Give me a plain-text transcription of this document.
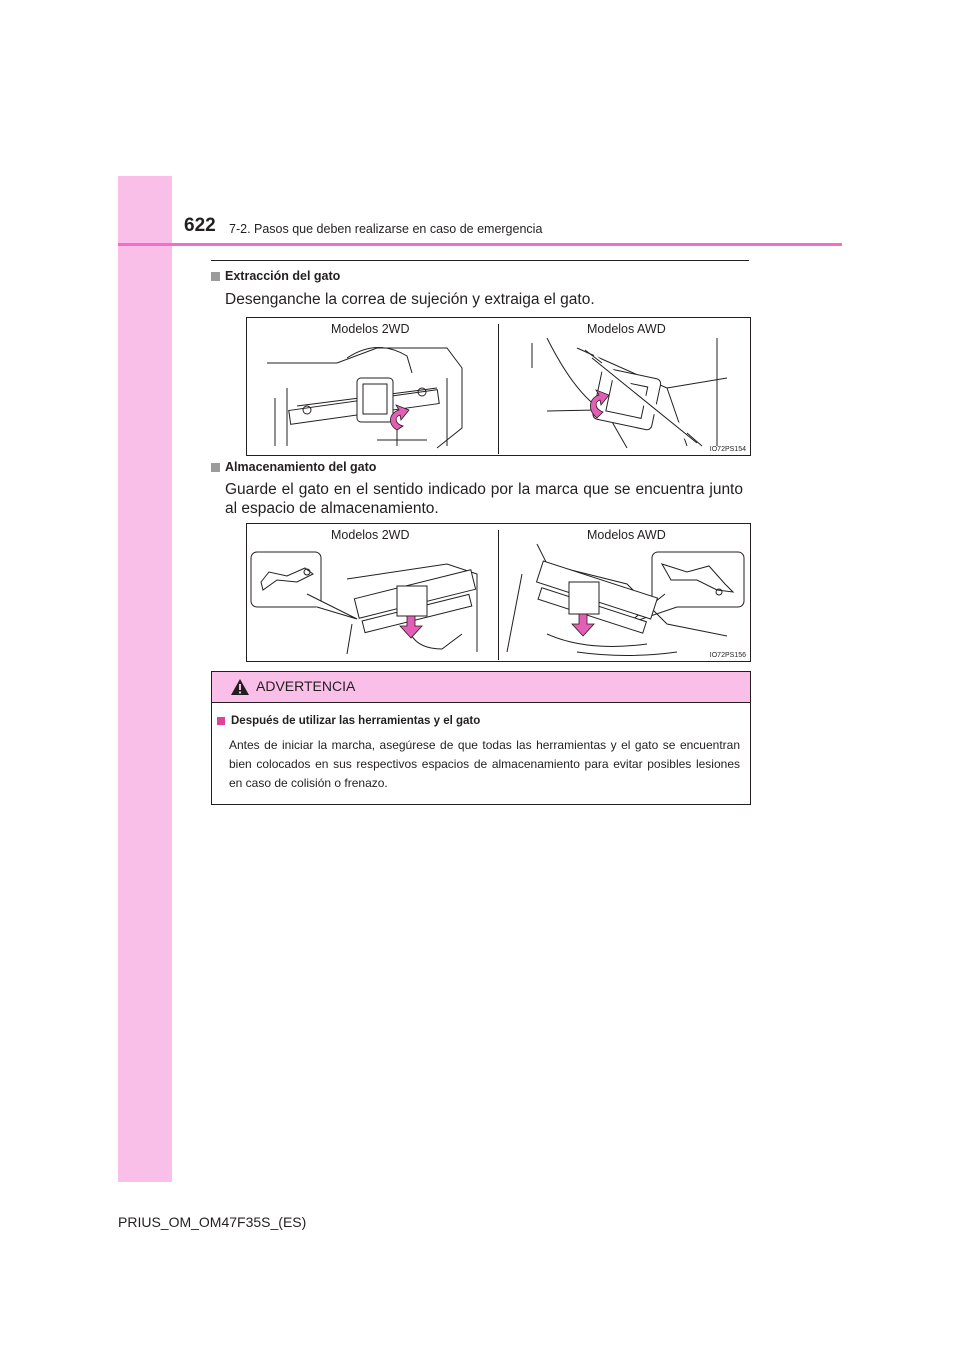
622 7-2. Pasos que deben realizarse en caso de emergencia
Extracción del gato
Desenganche la correa de sujeción y extraiga el gato.
Modelos 2WD	Modelos AWD
IO72PS154
Almacenamiento del gato
Guarde el gato en el sentido indicado por la marca que se encuentra junto al espacio de almacenamiento.
Modelos 2WD	Modelos AWD
IO72PS156
ADVERTENCIA
Después de utilizar las herramientas y el gato
Antes de iniciar la marcha, asegúrese de que todas las herramientas y el gato se encuentran bien colocados en sus respectivos espacios de almacenamiento para evitar posibles lesiones en caso de colisión o frenazo.
PRIUS_OM_OM47F35S_(ES)
